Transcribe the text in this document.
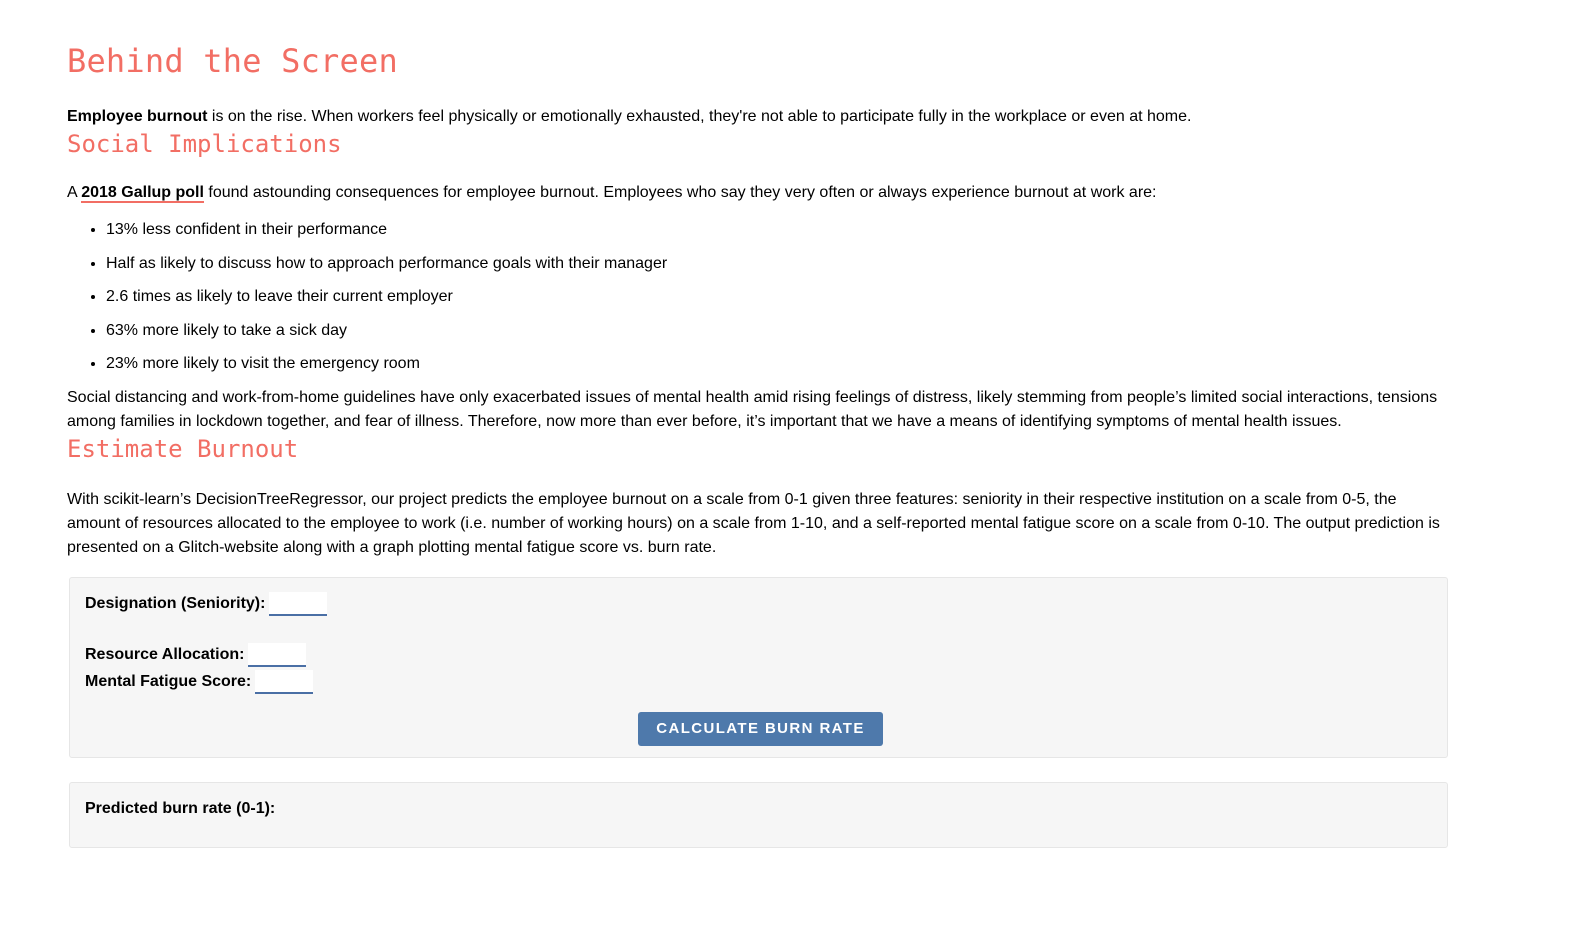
Behind the Screen

Employee burnout is on the rise. When workers feel physically or emotionally exhausted, they're not able to participate fully in the workplace or even at home.

Social Implications

A 2018 Gallup poll found astounding consequences for employee burnout. Employees who say they very often or always experience burnout at work are:

• 13% less confident in their performance
• Half as likely to discuss how to approach performance goals with their manager
• 2.6 times as likely to leave their current employer
• 63% more likely to take a sick day
• 23% more likely to visit the emergency room

Social distancing and work-from-home guidelines have only exacerbated issues of mental health amid rising feelings of distress, likely stemming from people’s limited social interactions, tensions among families in lockdown together, and fear of illness. Therefore, now more than ever before, it’s important that we have a means of identifying symptoms of mental health issues.

Estimate Burnout

With scikit-learn’s DecisionTreeRegressor, our project predicts the employee burnout on a scale from 0-1 given three features: seniority in their respective institution on a scale from 0-5, the amount of resources allocated to the employee to work (i.e. number of working hours) on a scale from 1-10, and a self-reported mental fatigue score on a scale from 0-10. The output prediction is presented on a Glitch-website along with a graph plotting mental fatigue score vs. burn rate.

Designation (Seniority):
Resource Allocation:
Mental Fatigue Score:
CALCULATE BURN RATE
Predicted burn rate (0-1):
